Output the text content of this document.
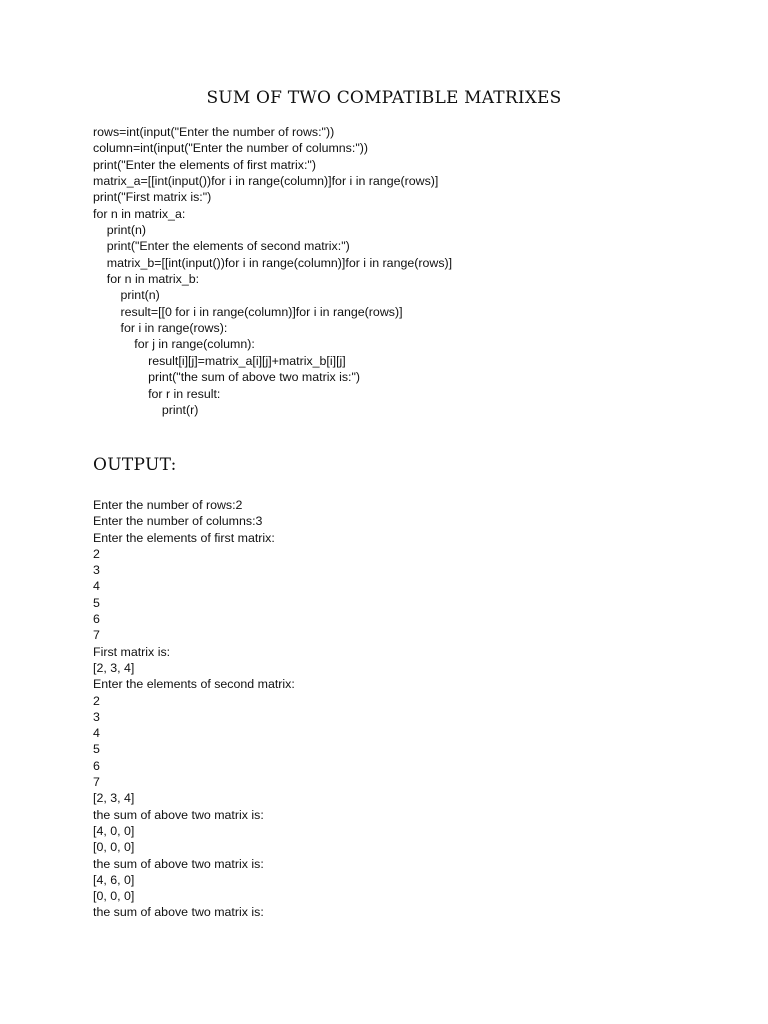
SUM OF TWO COMPATIBLE MATRIXES
rows=int(input("Enter the number of rows:"))
column=int(input("Enter the number of columns:"))
print("Enter the elements of first matrix:")
matrix_a=[[int(input())for i in range(column)]for i in range(rows)]
print("First matrix is:")
for n in matrix_a:
print(n)
print("Enter the elements of second matrix:")
matrix_b=[[int(input())for i in range(column)]for i in range(rows)]
for n in matrix_b:
print(n)
result=[[0 for i in range(column)]for i in range(rows)]
for i in range(rows):
for j in range(column):
result[i][j]=matrix_a[i][j]+matrix_b[i][j]
print("the sum of above two matrix is:")
for r in result:
print(r)
OUTPUT:
Enter the number of rows:2
Enter the number of columns:3
Enter the elements of first matrix:
2
3
4
5
6
7
First matrix is:
[2, 3, 4]
Enter the elements of second matrix:
2
3
4
5
6
7
[2, 3, 4]
the sum of above two matrix is:
[4, 0, 0]
[0, 0, 0]
the sum of above two matrix is:
[4, 6, 0]
[0, 0, 0]
the sum of above two matrix is:
